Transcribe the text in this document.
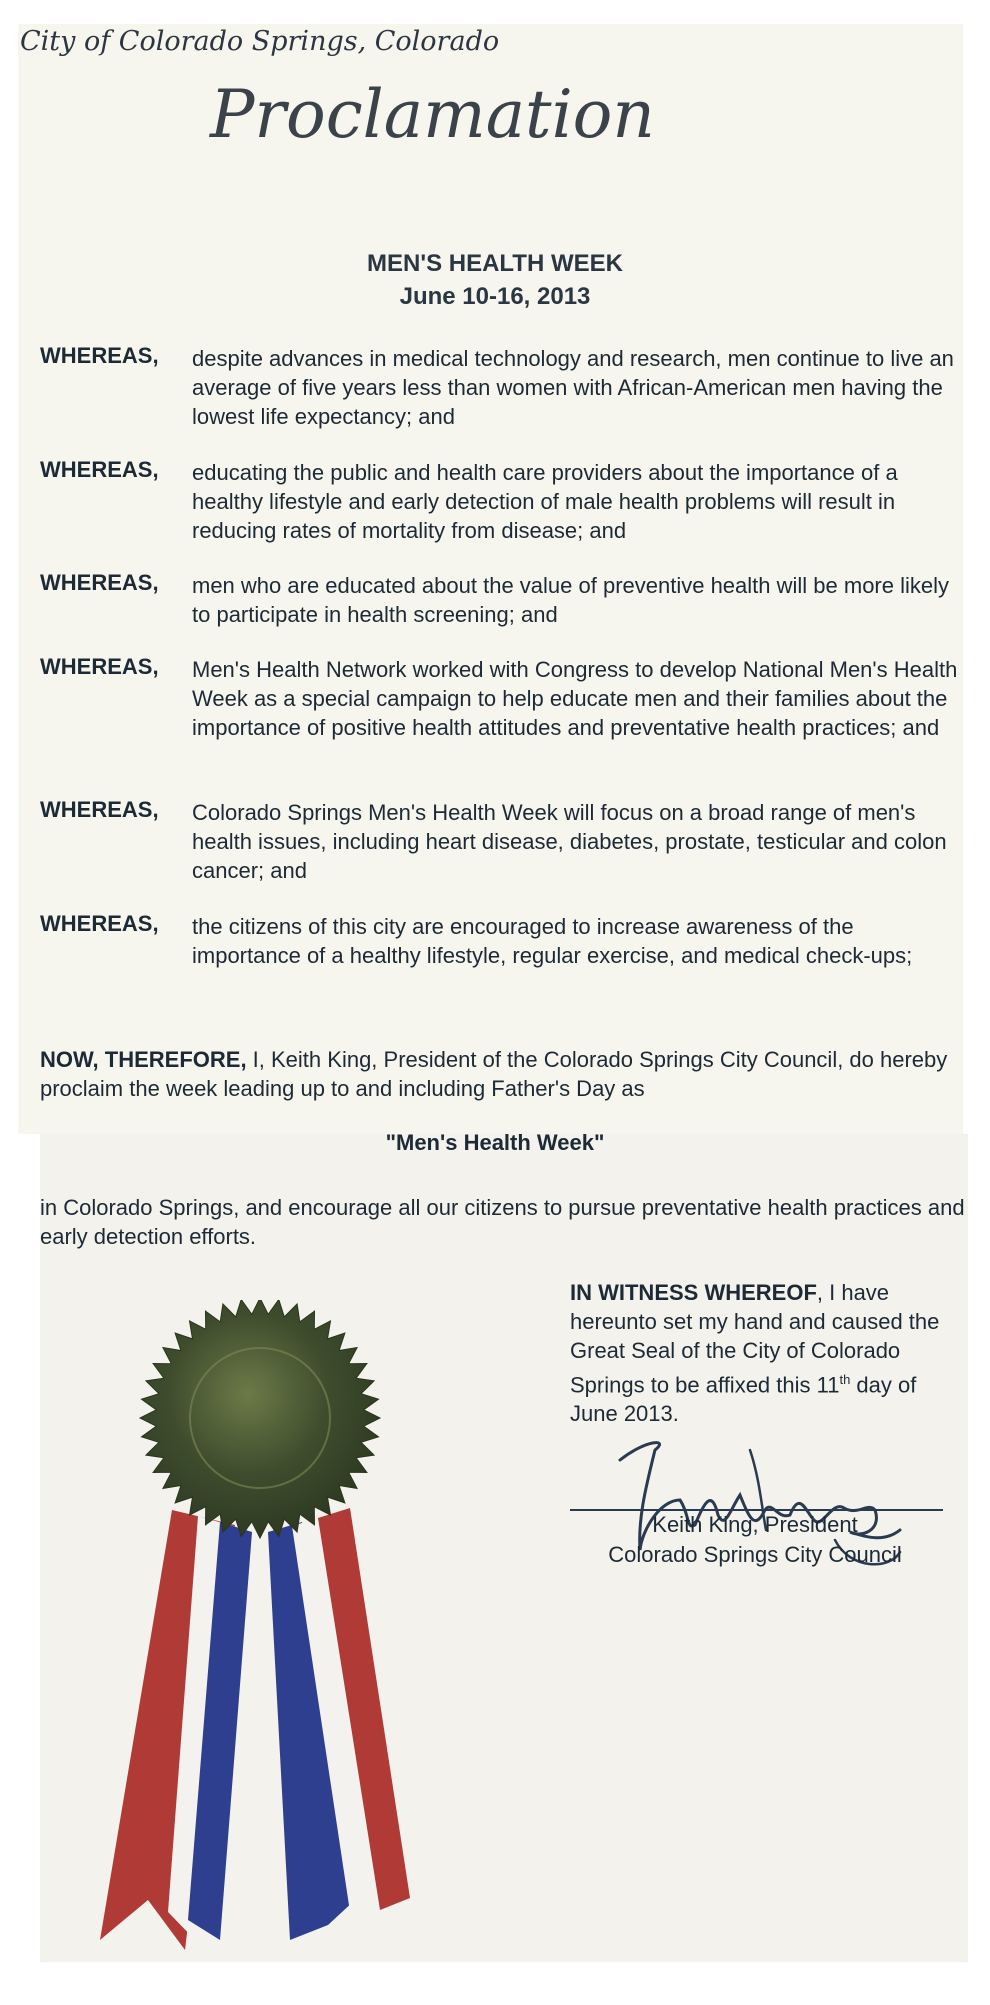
City of Colorado Springs, Colorado
Proclamation
MEN'S HEALTH WEEK
June 10-16, 2013
WHEREAS, despite advances in medical technology and research, men continue to live an average of five years less than women with African-American men having the lowest life expectancy; and
WHEREAS, educating the public and health care providers about the importance of a healthy lifestyle and early detection of male health problems will result in reducing rates of mortality from disease; and
WHEREAS, men who are educated about the value of preventive health will be more likely to participate in health screening; and
WHEREAS, Men's Health Network worked with Congress to develop National Men's Health Week as a special campaign to help educate men and their families about the importance of positive health attitudes and preventative health practices; and
WHEREAS, Colorado Springs Men's Health Week will focus on a broad range of men's health issues, including heart disease, diabetes, prostate, testicular and colon cancer; and
WHEREAS, the citizens of this city are encouraged to increase awareness of the importance of a healthy lifestyle, regular exercise, and medical check-ups;
NOW, THEREFORE, I, Keith King, President of the Colorado Springs City Council, do hereby proclaim the week leading up to and including Father's Day as
"Men's Health Week"
in Colorado Springs, and encourage all our citizens to pursue preventative health practices and early detection efforts.
IN WITNESS WHEREOF, I have hereunto set my hand and caused the Great Seal of the City of Colorado Springs to be affixed this 11th day of June 2013.
Keith King, President
Colorado Springs City Council
